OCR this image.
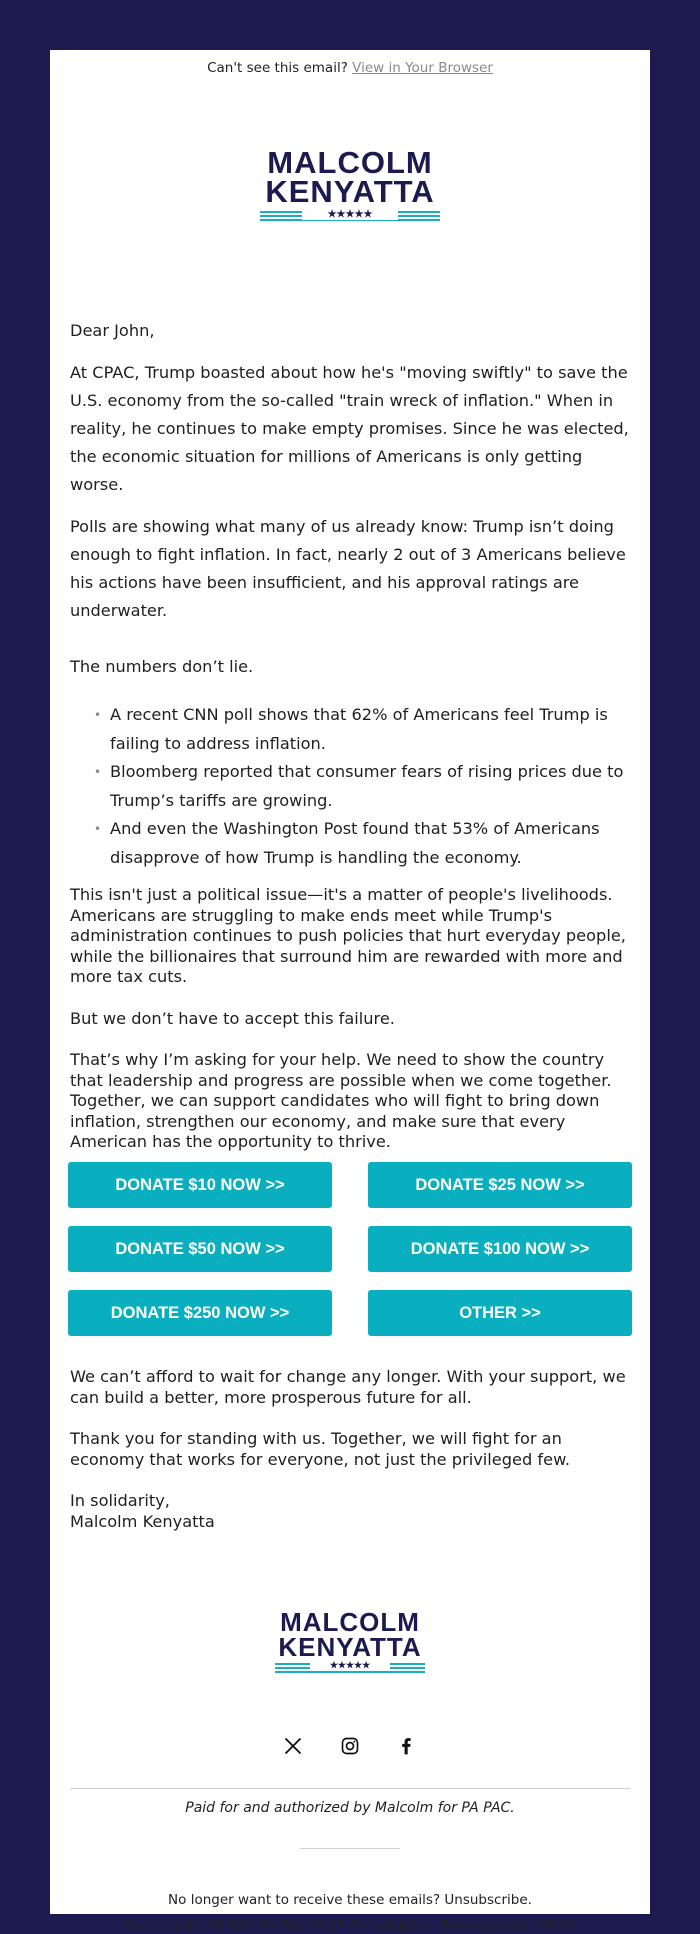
Can't see this email? View in Your Browser
MALCOLM
KENYATTA
★★★★★

Dear John,

At CPAC, Trump boasted about how he's "moving swiftly" to save the U.S. economy from the so-called "train wreck of inflation." When in reality, he continues to make empty promises. Since he was elected, the economic situation for millions of Americans is only getting worse.

Polls are showing what many of us already know: Trump isn’t doing enough to fight inflation. In fact, nearly 2 out of 3 Americans believe his actions have been insufficient, and his approval ratings are underwater.

The numbers don’t lie.

• A recent CNN poll shows that 62% of Americans feel Trump is failing to address inflation.
• Bloomberg reported that consumer fears of rising prices due to Trump’s tariffs are growing.
• And even the Washington Post found that 53% of Americans disapprove of how Trump is handling the economy.

This isn't just a political issue—it's a matter of people's livelihoods. Americans are struggling to make ends meet while Trump's administration continues to push policies that hurt everyday people, while the billionaires that surround him are rewarded with more and more tax cuts.

But we don’t have to accept this failure.

That’s why I’m asking for your help. We need to show the country that leadership and progress are possible when we come together. Together, we can support candidates who will fight to bring down inflation, strengthen our economy, and make sure that every American has the opportunity to thrive.

DONATE $10 NOW >>	DONATE $25 NOW >>
DONATE $50 NOW >>	DONATE $100 NOW >>
DONATE $250 NOW >>	OTHER >>

We can’t afford to wait for change any longer. With your support, we can build a better, more prosperous future for all.

Thank you for standing with us. Together, we will fight for an economy that works for everyone, not just the privileged few.

In solidarity,

Malcolm Kenyatta

MALCOLM
KENYATTA
★★★★★
Paid for and authorized by Malcolm for PA PAC.
No longer want to receive these emails? Unsubscribe.
Malcolm for PA PAC PO Box 3307 Philadelphia, Pennsylvania 19130
